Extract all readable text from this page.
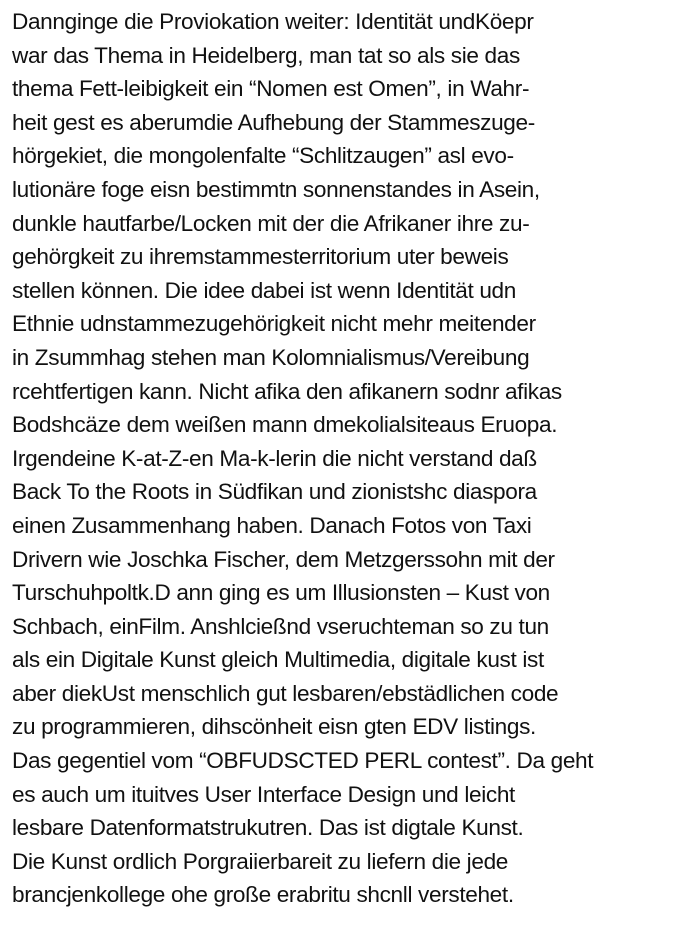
Dannginge die Proviokation weiter: Identität undKöepr
war das Thema in Heidelberg, man tat so als sie das
thema Fett-leibigkeit ein “Nomen est Omen”, in Wahr-
heit gest es aberumdie Aufhebung der Stammeszuge-
hörgekiet, die mongolenfalte “Schlitzaugen” asl evo-
lutionäre foge eisn bestimmtn sonnenstandes in Asein,
dunkle hautfarbe/Locken mit der die Afrikaner ihre zu-
gehörgkeit zu ihremstammesterritorium uter beweis
stellen können. Die idee dabei ist wenn Identität udn
Ethnie udnstammezugehörigkeit nicht mehr meitender
in Zsummhag stehen man Kolomnialismus/Vereibung
rcehtfertigen kann. Nicht afika den afikanern sodnr afikas
Bodshcäze dem weißen mann dmekolialsiteaus Eruopa.
Irgendeine K-at-Z-en Ma-k-lerin die nicht verstand daß
Back To the Roots in Südfikan und zionistshc diaspora
einen Zusammenhang haben. Danach Fotos von Taxi
Drivern wie Joschka Fischer, dem Metzgerssohn mit der
Turschuhpoltk.D ann ging es um Illusionsten – Kust von
Schbach, einFilm. Anshlcießnd vseruchteman so zu tun
als ein Digitale Kunst gleich Multimedia, digitale kust ist
aber diekUst menschlich gut lesbaren/ebstädlichen code
zu programmieren, dihscönheit eisn gten EDV listings.
Das gegentiel vom “OBFUDSCTED PERL contest”. Da geht
es auch um ituitves User Interface Design und leicht
lesbare Datenformatstrukutren. Das ist digtale Kunst.
Die Kunst ordlich Porgraiierbareit zu liefern die jede
brancjenkollege ohe große erabritu shcnll verstehet.
